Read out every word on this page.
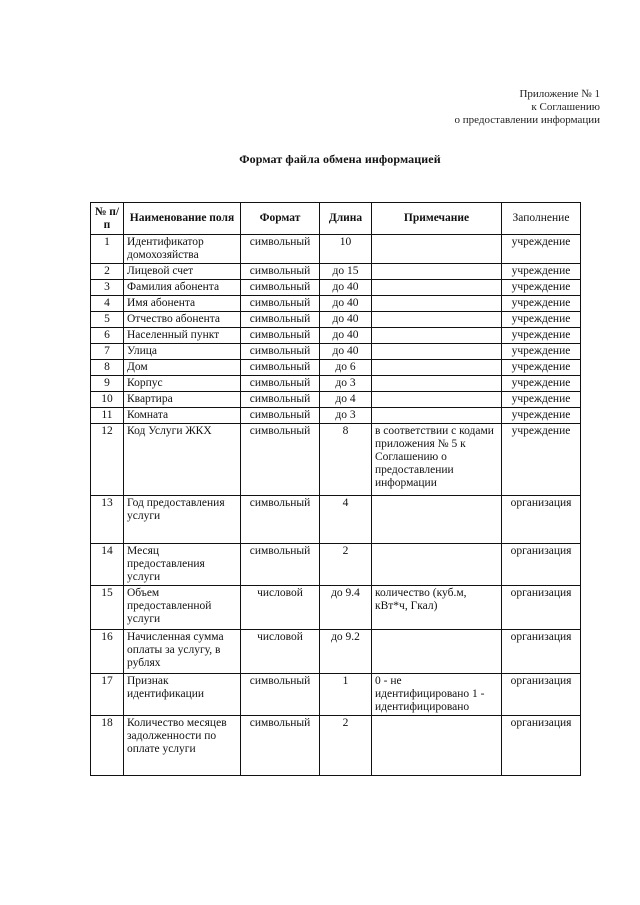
Приложение № 1
к Соглашению
о предоставлении информации
Формат файла обмена информацией
№ п/п	Наименование поля	Формат	Длина	Примечание	Заполнение
1	Идентификатор домохозяйства	символьный	10		учреждение
2	Лицевой счет	символьный	до 15		учреждение
3	Фамилия абонента	символьный	до 40		учреждение
4	Имя абонента	символьный	до 40		учреждение
5	Отчество абонента	символьный	до 40		учреждение
6	Населенный пункт	символьный	до 40		учреждение
7	Улица	символьный	до 40		учреждение
8	Дом	символьный	до 6		учреждение
9	Корпус	символьный	до 3		учреждение
10	Квартира	символьный	до 4		учреждение
11	Комната	символьный	до 3		учреждение
12	Код Услуги ЖКХ	символьный	8	в соответствии с кодами приложения № 5 к Соглашению о предоставлении информации	учреждение
13	Год предоставления услуги	символьный	4		организация
14	Месяц предоставления услуги	символьный	2		организация
15	Объем предоставленной услуги	числовой	до 9.4	количество (куб.м, кВт*ч, Гкал)	организация
16	Начисленная сумма оплаты за услугу, в рублях	числовой	до 9.2		организация
17	Признак идентификации	символьный	1	0 - не идентифицировано 1 - идентифицировано	организация
18	Количество месяцев задолженности по оплате услуги	символьный	2		организация
